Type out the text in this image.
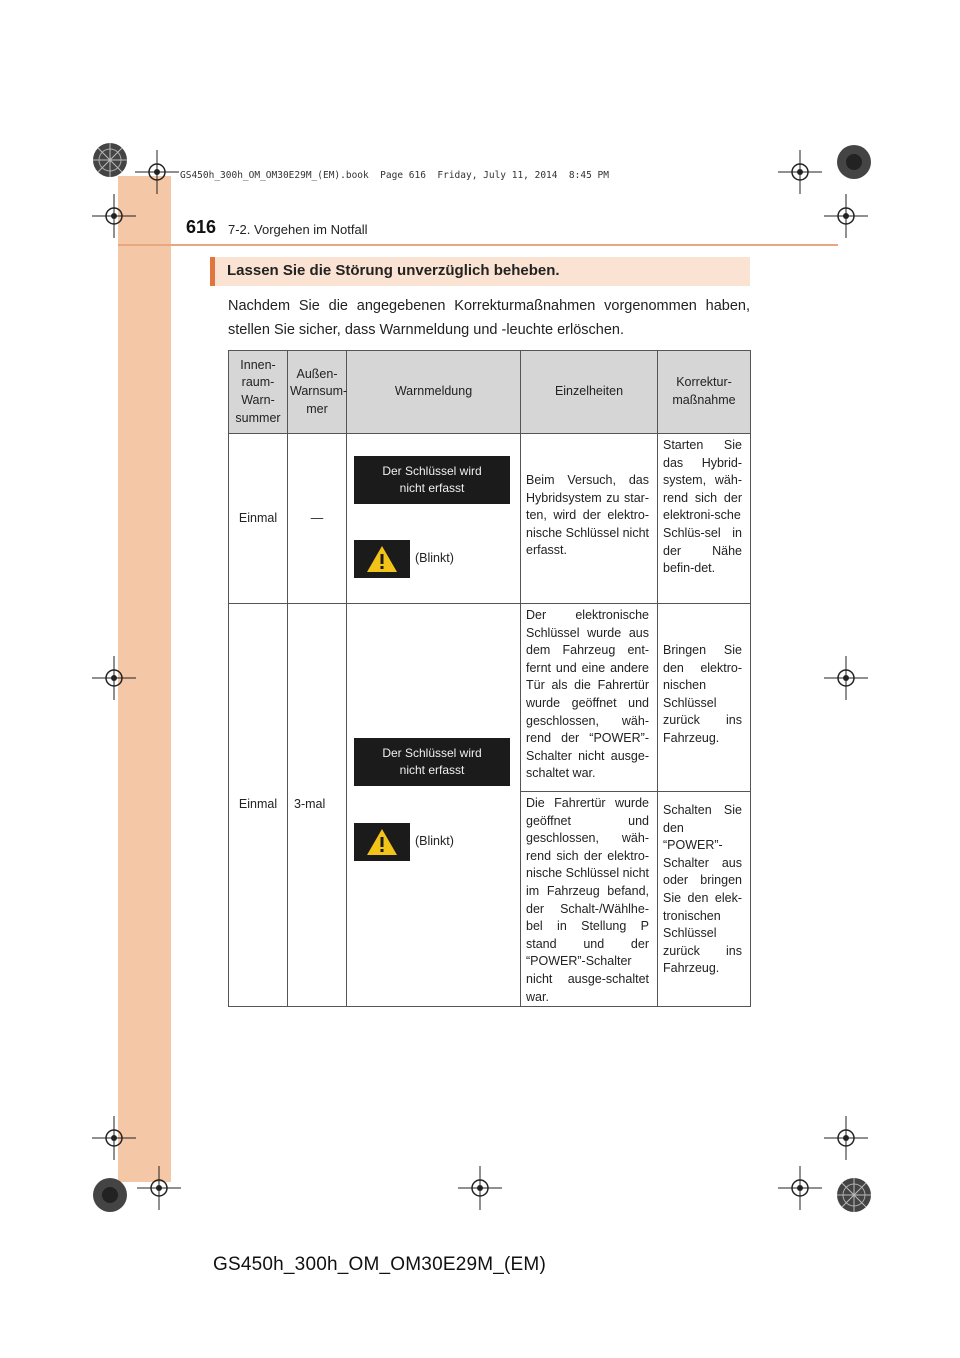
GS450h_300h_OM_OM30E29M_(EM).book  Page 616  Friday, July 11, 2014  8:45 PM
616 7-2. Vorgehen im Notfall
Lassen Sie die Störung unverzüglich beheben.
Nachdem Sie die angegebenen Korrekturmaßnahmen vorgenommen haben, stellen Sie sicher, dass Warnmeldung und -leuchte erlöschen.
Innen-
raum-
Warn-
summer	Außen-
Warnsum-
mer	Warnmeldung	Einzelheiten	Korrektur-
maßnahme
Einmal	—	Der Schlüssel wird
nicht erfasst
(Blinkt)	Beim Versuch, das Hybridsystem zu star-ten, wird der elektro-nische Schlüssel nicht erfasst.	Starten Sie das Hybrid-system, wäh-rend sich der elektroni-sche Schlüs-sel in der Nähe befin-det.
Einmal	3-mal	Der Schlüssel wird
nicht erfasst
(Blinkt)	Der elektronische Schlüssel wurde aus dem Fahrzeug ent-fernt und eine andere Tür als die Fahrertür wurde geöffnet und geschlossen, wäh-rend der “POWER”-Schalter nicht ausge-schaltet war.	Bringen Sie den elektro-nischen Schlüssel zurück ins Fahrzeug.
			Die Fahrertür wurde geöffnet und geschlossen, wäh-rend sich der elektro-nische Schlüssel nicht im Fahrzeug befand, der Schalt-/Wählhe-bel in Stellung P stand und der “POWER”-Schalter nicht ausge-schaltet war.	Schalten Sie den “POWER”-Schalter aus oder bringen Sie den elek-tronischen Schlüssel zurück ins Fahrzeug.
GS450h_300h_OM_OM30E29M_(EM)
